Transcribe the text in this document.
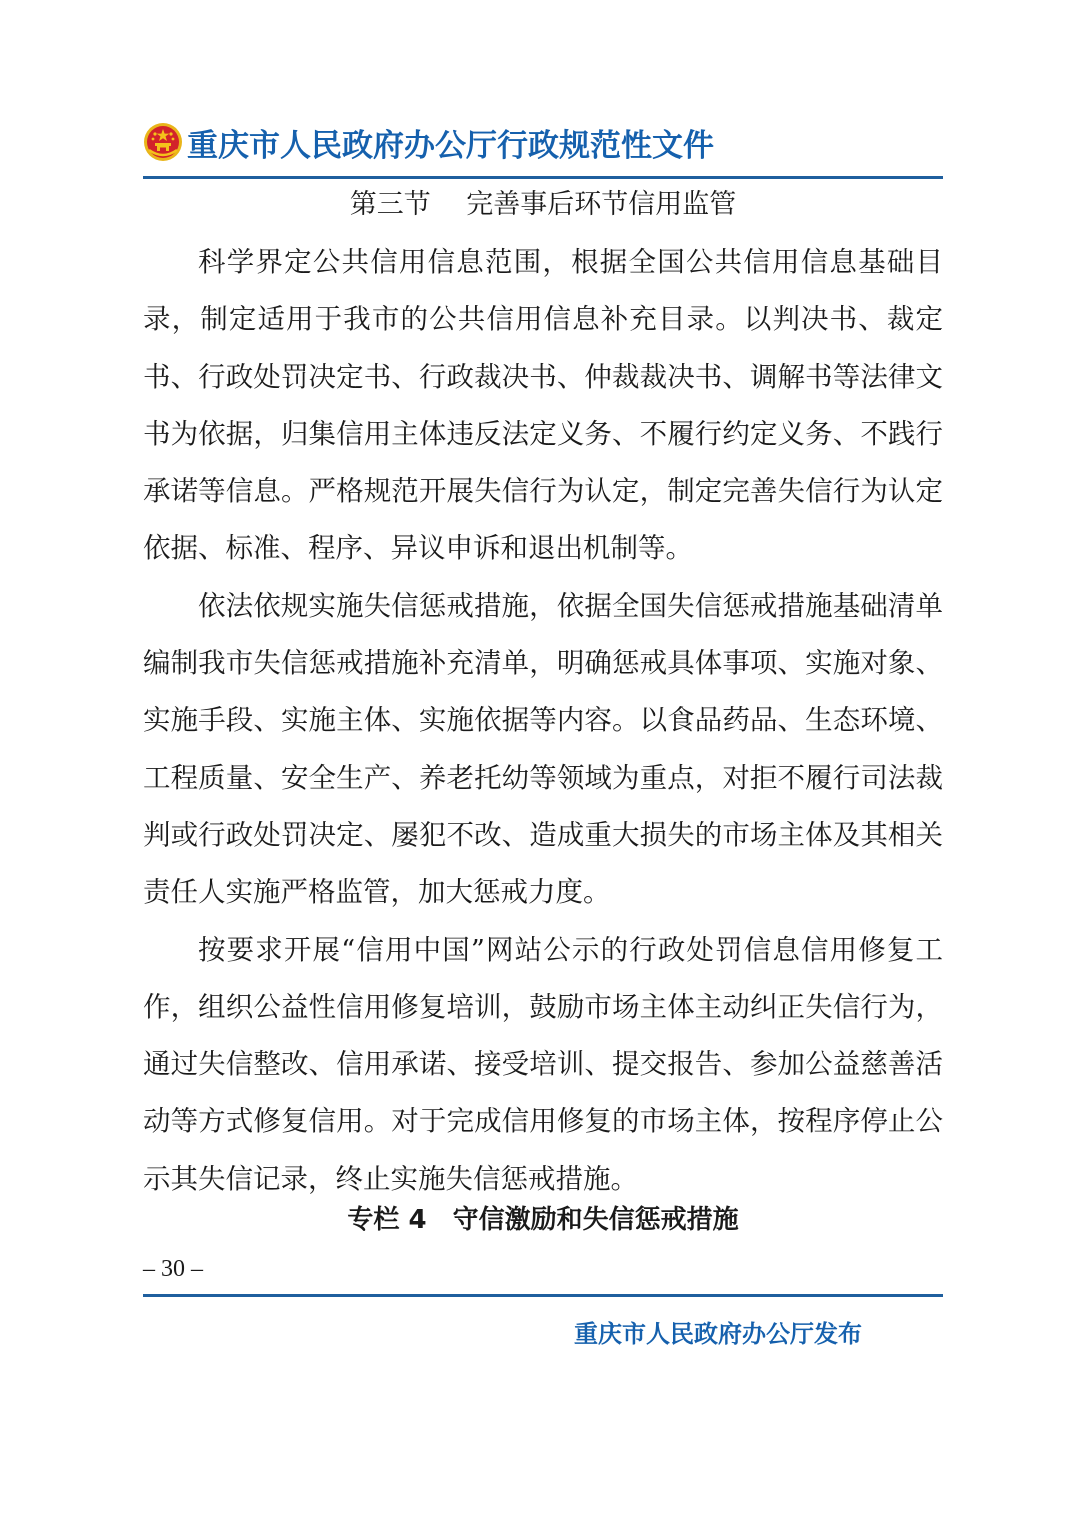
重庆市人民政府办公厅行政规范性文件
第三节　 完善事后环节信用监管

科学界定公共信用信息范围，根据全国公共信用信息基础目录，制定适用于我市的公共信用信息补充目录。以判决书、裁定书、行政处罚决定书、行政裁决书、仲裁裁决书、调解书等法律文书为依据，归集信用主体违反法定义务、不履行约定义务、不践行承诺等信息。严格规范开展失信行为认定，制定完善失信行为认定依据、标准、程序、异议申诉和退出机制等。

依法依规实施失信惩戒措施，依据全国失信惩戒措施基础清单编制我市失信惩戒措施补充清单，明确惩戒具体事项、实施对象、实施手段、实施主体、实施依据等内容。以食品药品、生态环境、工程质量、安全生产、养老托幼等领域为重点，对拒不履行司法裁判或行政处罚决定、屡犯不改、造成重大损失的市场主体及其相关责任人实施严格监管，加大惩戒力度。

按要求开展“信用中国”网站公示的行政处罚信息信用修复工作，组织公益性信用修复培训，鼓励市场主体主动纠正失信行为，通过失信整改、信用承诺、接受培训、提交报告、参加公益慈善活动等方式修复信用。对于完成信用修复的市场主体，按程序停止公示其失信记录，终止实施失信惩戒措施。

专栏 4　守信激励和失信惩戒措施
– 30 –
重庆市人民政府办公厅发布
